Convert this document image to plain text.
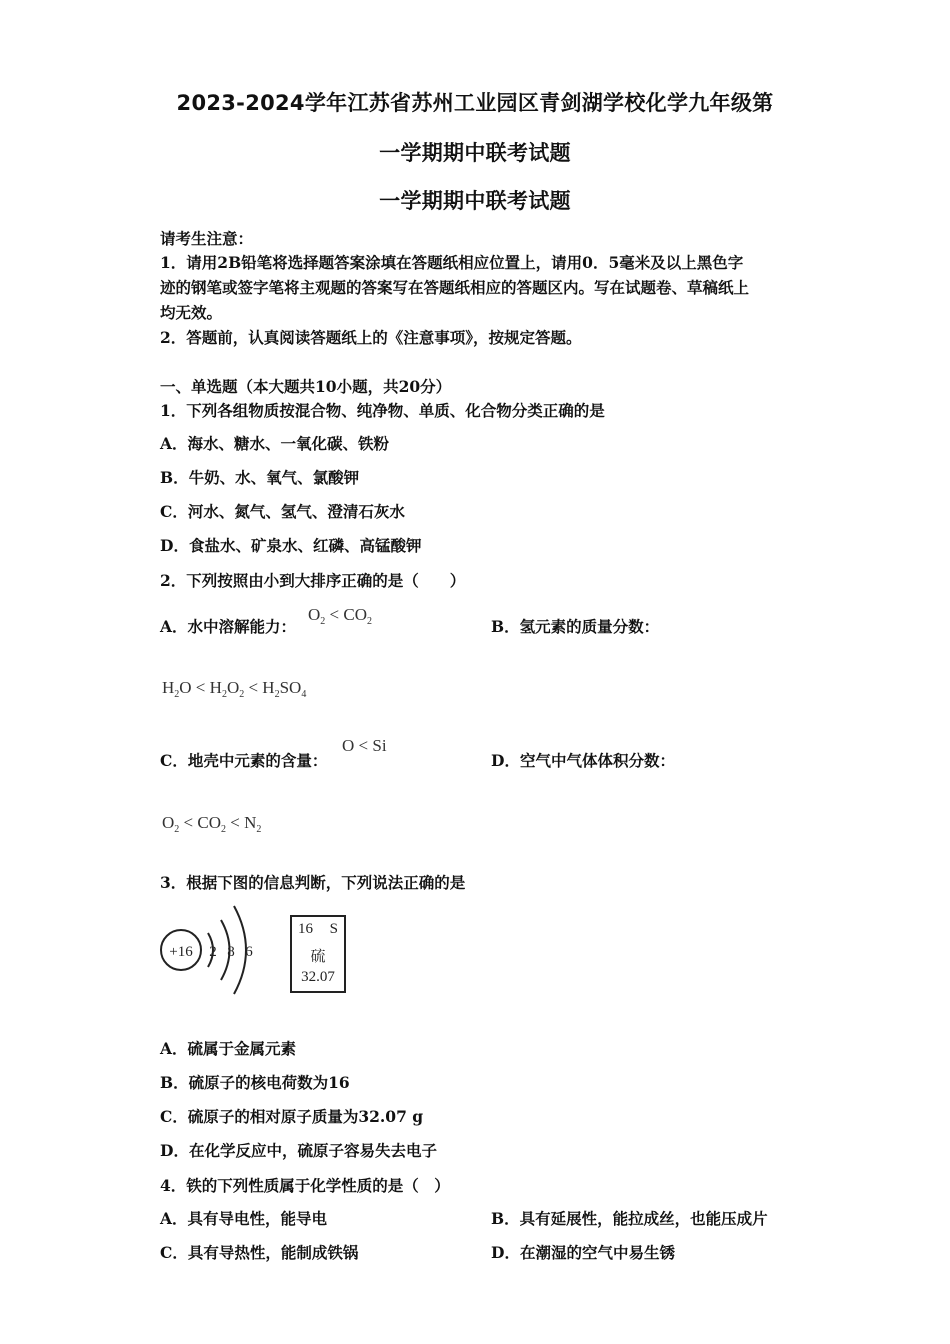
2023-2024学年江苏省苏州工业园区青剑湖学校化学九年级第
一学期期中联考试题
一学期期中联考试题
请考生注意：
1．请用2B铅笔将选择题答案涂填在答题纸相应位置上，请用0．5毫米及以上黑色字
迹的钢笔或签字笔将主观题的答案写在答题纸相应的答题区内。写在试题卷、草稿纸上
均无效。
2．答题前，认真阅读答题纸上的《注意事项》，按规定答题。
一、单选题（本大题共10小题，共20分）
1．下列各组物质按混合物、纯净物、单质、化合物分类正确的是
A．海水、糖水、一氧化碳、铁粉
B．牛奶、水、氧气、氯酸钾
C．河水、氮气、氢气、澄清石灰水
D．食盐水、矿泉水、红磷、高锰酸钾
2．下列按照由小到大排序正确的是（　　）
A．水中溶解能力：
$O_2 < CO_2$	B．氢元素的质量分数：
$H_2O < H_2O_2 < H_2SO_4$
C．地壳中元素的含量：
O < Si
D．空气中气体体积分数：
$O_2 < CO_2 < N_2$
3．根据下图的信息判断，下列说法正确的是
+16 2 8 6
16 S
硫
32.07
A．硫属于金属元素
B．硫原子的核电荷数为16
C．硫原子的相对原子质量为32.07 g
D．在化学反应中，硫原子容易失去电子
4．铁的下列性质属于化学性质的是（　）
A．具有导电性，能导电	B．具有延展性，能拉成丝，也能压成片
C．具有导热性，能制成铁锅	D．在潮湿的空气中易生锈
